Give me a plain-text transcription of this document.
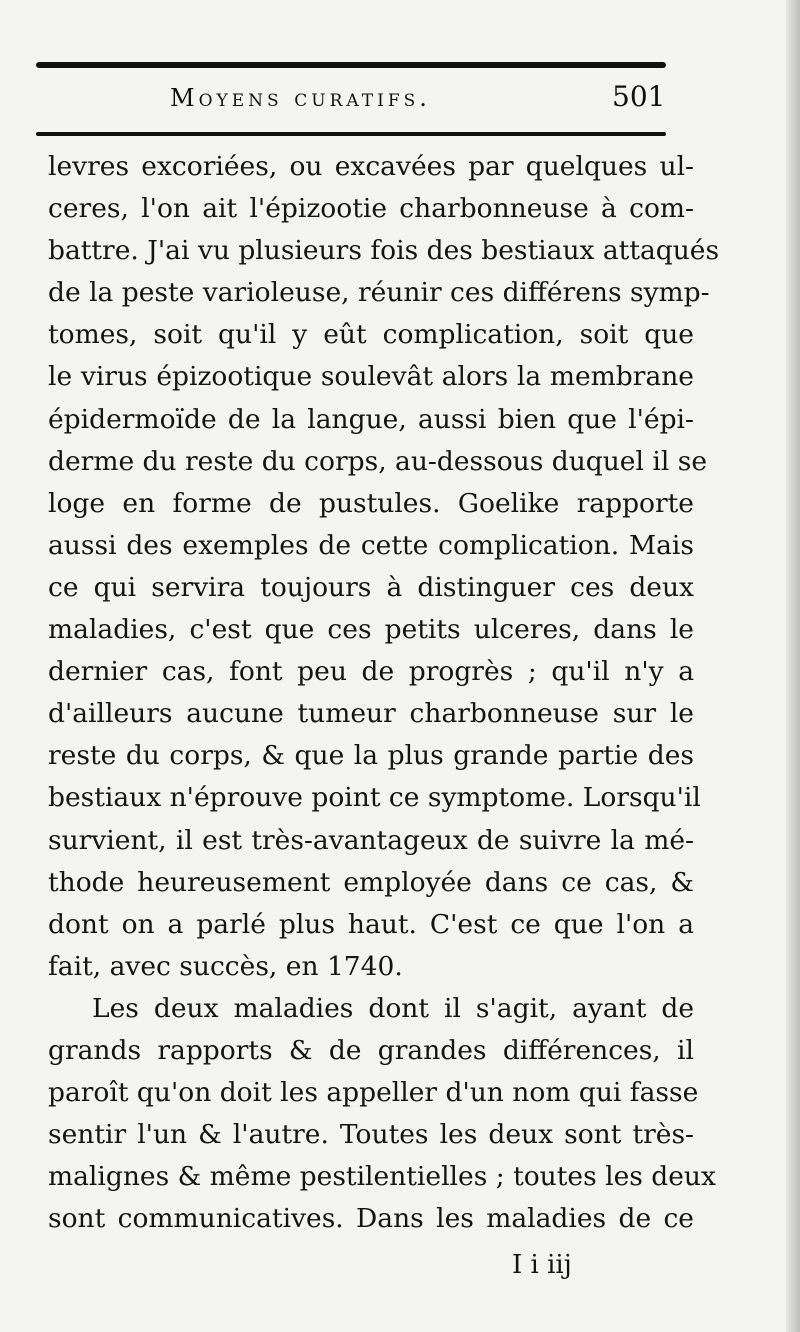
Moyens curatifs.	501
levres excoriées, ou excavées par quelques ul-
ceres, l'on ait l'épizootie charbonneuse à com-
battre. J'ai vu plusieurs fois des bestiaux attaqués
de la peste varioleuse, réunir ces différens symp-
tomes, soit qu'il y eût complication, soit que
le virus épizootique soulevât alors la membrane
épidermoïde de la langue, aussi bien que l'épi-
derme du reste du corps, au-dessous duquel il se
loge en forme de pustules. Goelike rapporte
aussi des exemples de cette complication. Mais
ce qui servira toujours à distinguer ces deux
maladies, c'est que ces petits ulceres, dans le
dernier cas, font peu de progrès ; qu'il n'y a
d'ailleurs aucune tumeur charbonneuse sur le
reste du corps, & que la plus grande partie des
bestiaux n'éprouve point ce symptome. Lorsqu'il
survient, il est très-avantageux de suivre la mé-
thode heureusement employée dans ce cas, &
dont on a parlé plus haut. C'est ce que l'on a
fait, avec succès, en 1740.
Les deux maladies dont il s'agit, ayant de
grands rapports & de grandes différences, il
paroît qu'on doit les appeller d'un nom qui fasse
sentir l'un & l'autre. Toutes les deux sont très-
malignes & même pestilentielles ; toutes les deux
sont communicatives. Dans les maladies de ce
I i iij
